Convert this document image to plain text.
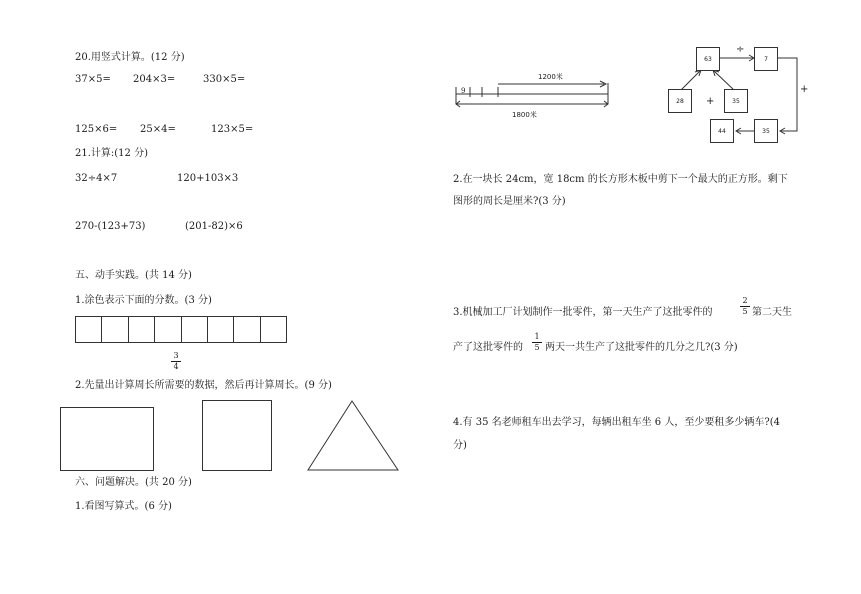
20.用竖式计算。(12 分)
37×5= 204×3=	330×5=
125×6= 25×4=	123×5=
21.计算:(12 分)
32÷4×7	120+103×3
270-(123+73)	(201-82)×6
五、动手实践。(共 14 分)
1.涂色表示下面的分数。(3 分)
3
4
2.先量出计算周长所需要的数据，然后再计算周长。(9 分)
六、问题解决。(共 20 分)
1.看图写算式。(6 分)
9
1200米
1800米
63	7
28	35
44	35
÷
+
+
2.在一块长 24cm，宽 18cm 的长方形木板中剪下一个最大的正方形。剩下
图形的周长是厘米?(3 分)
3.机械加工厂计划制作一批零件，第一天生产了这批零件的
2
5 第二天生
产了这批零件的
1
5 两天一共生产了这批零件的几分之几?(3 分)
4.有 35 名老师租车出去学习，每辆出租车坐 6 人，至少要租多少辆车?(4
分)
